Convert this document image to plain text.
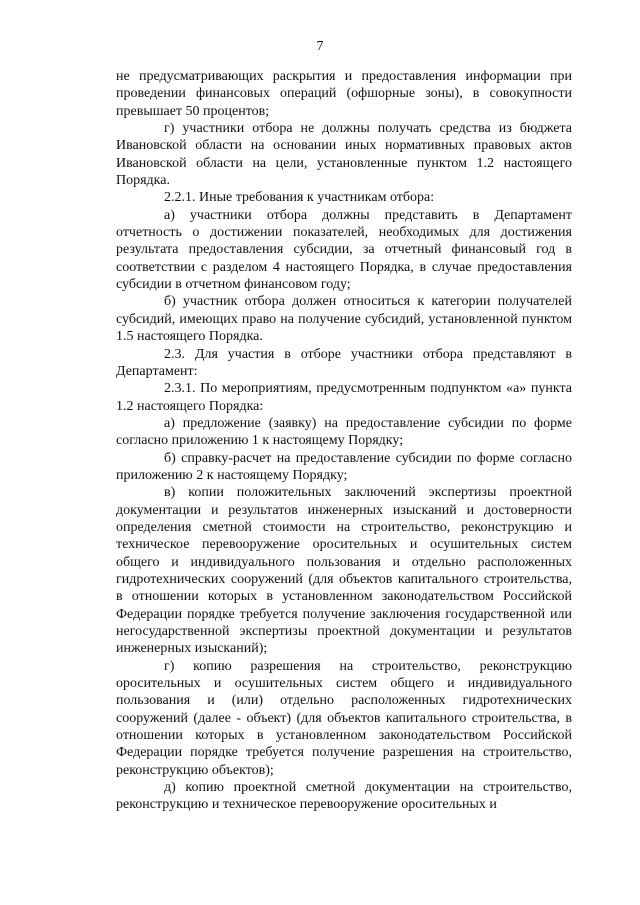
7

не предусматривающих раскрытия и предоставления информации при проведении финансовых операций (офшорные зоны), в совокупности превышает 50 процентов;

г) участники отбора не должны получать средства из бюджета Ивановской области на основании иных нормативных правовых актов Ивановской области на цели, установленные пунктом 1.2 настоящего Порядка.

2.2.1. Иные требования к участникам отбора:

а) участники отбора должны представить в Департамент отчетность о достижении показателей, необходимых для достижения результата предоставления субсидии, за отчетный финансовый год в соответствии с разделом 4 настоящего Порядка, в случае предоставления субсидии в отчетном финансовом году;

б) участник отбора должен относиться к категории получателей субсидий, имеющих право на получение субсидий, установленной пунктом 1.5 настоящего Порядка.

2.3. Для участия в отборе участники отбора представляют в Департамент:

2.3.1. По мероприятиям, предусмотренным подпунктом «а» пункта 1.2 настоящего Порядка:

а) предложение (заявку) на предоставление субсидии по форме согласно приложению 1 к настоящему Порядку;

б) справку-расчет на предоставление субсидии по форме согласно приложению 2 к настоящему Порядку;

в) копии положительных заключений экспертизы проектной документации и результатов инженерных изысканий и достоверности определения сметной стоимости на строительство, реконструкцию и техническое перевооружение оросительных и осушительных систем общего и индивидуального пользования и отдельно расположенных гидротехнических сооружений (для объектов капитального строительства, в отношении которых в установленном законодательством Российской Федерации порядке требуется получение заключения государственной или негосударственной экспертизы проектной документации и результатов инженерных изысканий);

г) копию разрешения на строительство, реконструкцию оросительных и осушительных систем общего и индивидуального пользования и (или) отдельно расположенных гидротехнических сооружений (далее - объект) (для объектов капитального строительства, в отношении которых в установленном законодательством Российской Федерации порядке требуется получение разрешения на строительство, реконструкцию объектов);

д) копию проектной сметной документации на строительство, реконструкцию и техническое перевооружение оросительных и
